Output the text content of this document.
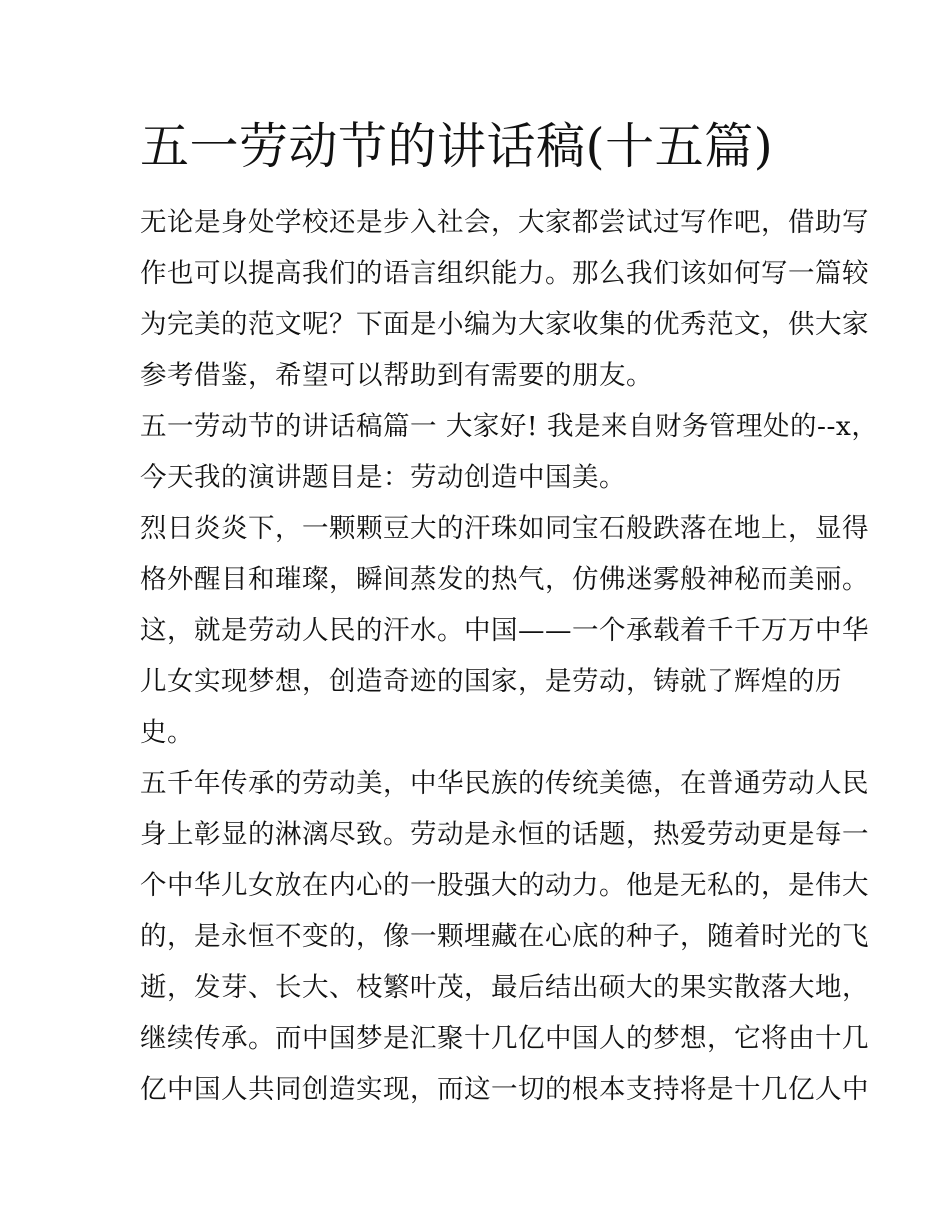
五一劳动节的讲话稿(十五篇)

无论是身处学校还是步入社会，大家都尝试过写作吧，借助写
作也可以提高我们的语言组织能力。那么我们该如何写一篇较
为完美的范文呢？下面是小编为大家收集的优秀范文，供大家
参考借鉴，希望可以帮助到有需要的朋友。

五一劳动节的讲话稿篇一 大家好! 我是来自财务管理处的--x，
今天我的演讲题目是：劳动创造中国美。

烈日炎炎下，一颗颗豆大的汗珠如同宝石般跌落在地上，显得
格外醒目和璀璨，瞬间蒸发的热气，仿佛迷雾般神秘而美丽。
这，就是劳动人民的汗水。中国——一个承载着千千万万中华
儿女实现梦想，创造奇迹的国家，是劳动，铸就了辉煌的历
史。

五千年传承的劳动美，中华民族的传统美德，在普通劳动人民
身上彰显的淋漓尽致。劳动是永恒的话题，热爱劳动更是每一
个中华儿女放在内心的一股强大的动力。他是无私的，是伟大
的，是永恒不变的，像一颗埋藏在心底的种子，随着时光的飞
逝，发芽、长大、枝繁叶茂，最后结出硕大的果实散落大地，
继续传承。而中国梦是汇聚十几亿中国人的梦想，它将由十几
亿中国人共同创造实现，而这一切的根本支持将是十几亿人中
